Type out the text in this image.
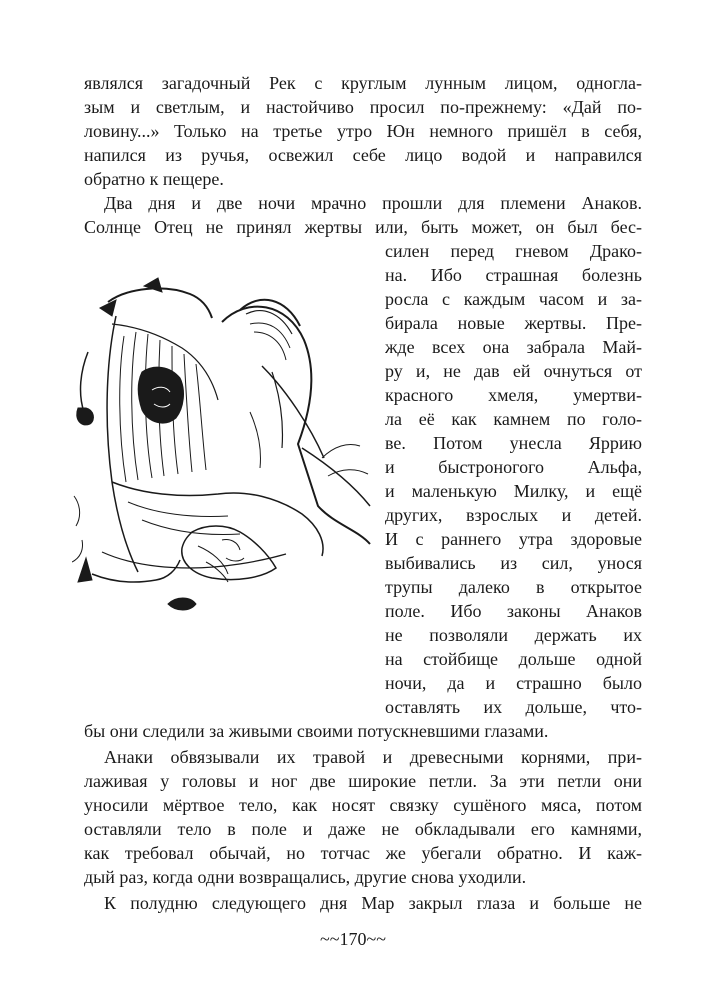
являлся загадочный Рек с круглым лунным лицом, одногла-
зым и светлым, и настойчиво просил по-прежнему: «Дай по-
ловину...» Только на третье утро Юн немного пришёл в себя,
напился из ручья, освежил себе лицо водой и направился
обратно к пещере.
Два дня и две ночи мрачно прошли для племени Анаков.
Солнце Отец не принял жертвы или, быть может, он был бес-
силен перед гневом Драко-
на. Ибо страшная болезнь
росла с каждым часом и за-
бирала новые жертвы. Пре-
жде всех она забрала Май-
ру и, не дав ей очнуться от
красного хмеля, умертви-
ла её как камнем по голо-
ве. Потом унесла Яррию
и быстроногого Альфа,
и маленькую Милку, и ещё
других, взрослых и детей.
И с раннего утра здоровые
выбивались из сил, унося
трупы далеко в открытое
поле. Ибо законы Анаков
не позволяли держать их
на стойбище дольше одной
ночи, да и страшно было
оставлять их дольше, что-
бы они следили за живыми своими потускневшими глазами.
Анаки обвязывали их травой и древесными корнями, при-
лаживая у головы и ног две широкие петли. За эти петли они
уносили мёртвое тело, как носят связку сушёного мяса, потом
оставляли тело в поле и даже не обкладывали его камнями,
как требовал обычай, но тотчас же убегали обратно. И каж-
дый раз, когда одни возвращались, другие снова уходили.
К полудню следующего дня Мар закрыл глаза и больше не
~~170~~
